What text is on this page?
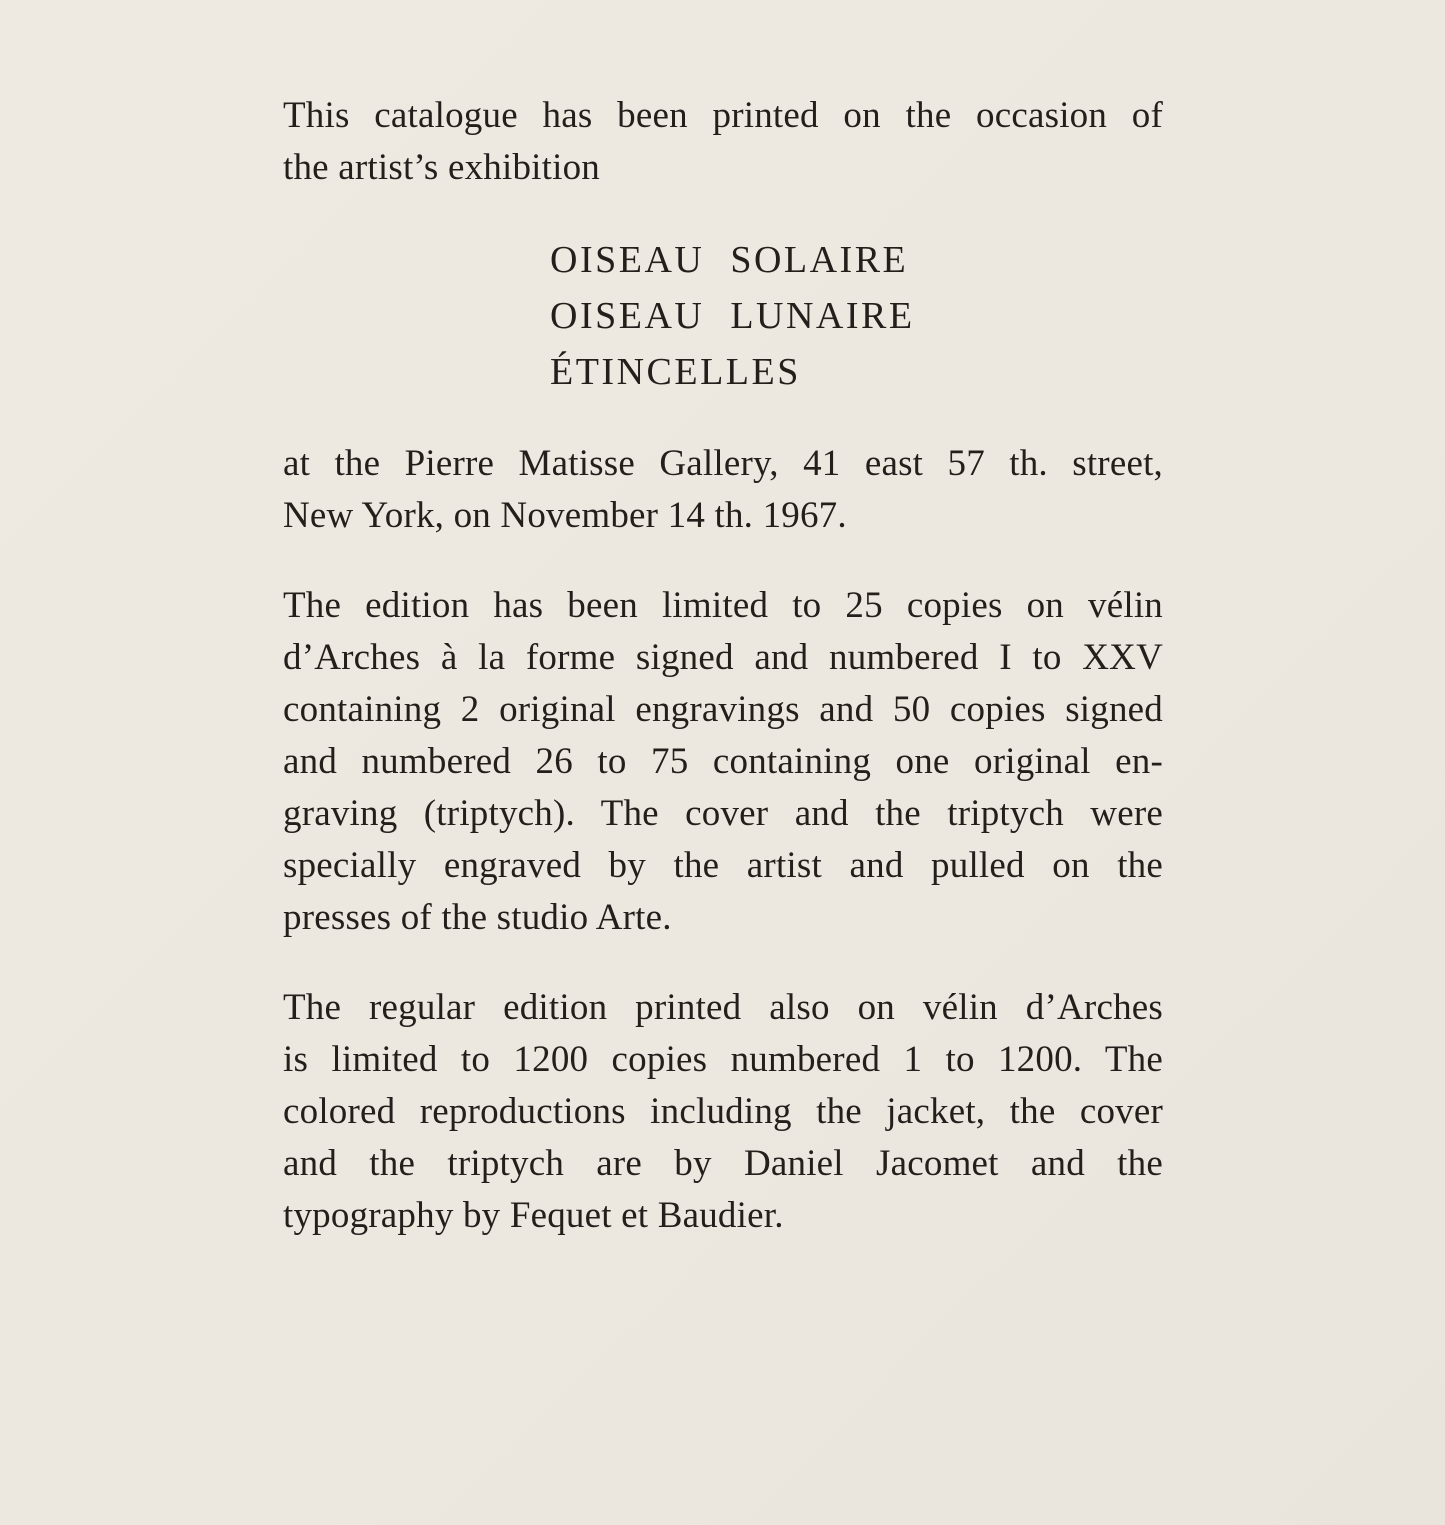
This catalogue has been printed on the occasion of
the artist’s exhibition
OISEAU SOLAIRE
OISEAU LUNAIRE
ÉTINCELLES
at the Pierre Matisse Gallery, 41 east 57 th. street,
New York, on November 14 th. 1967.
The edition has been limited to 25 copies on vélin
d’Arches à la forme signed and numbered I to XXV
containing 2 original engravings and 50 copies signed
and numbered 26 to 75 containing one original en-
graving (triptych). The cover and the triptych were
specially engraved by the artist and pulled on the
presses of the studio Arte.
The regular edition printed also on vélin d’Arches
is limited to 1200 copies numbered 1 to 1200. The
colored reproductions including the jacket, the cover
and the triptych are by Daniel Jacomet and the
typography by Fequet et Baudier.
